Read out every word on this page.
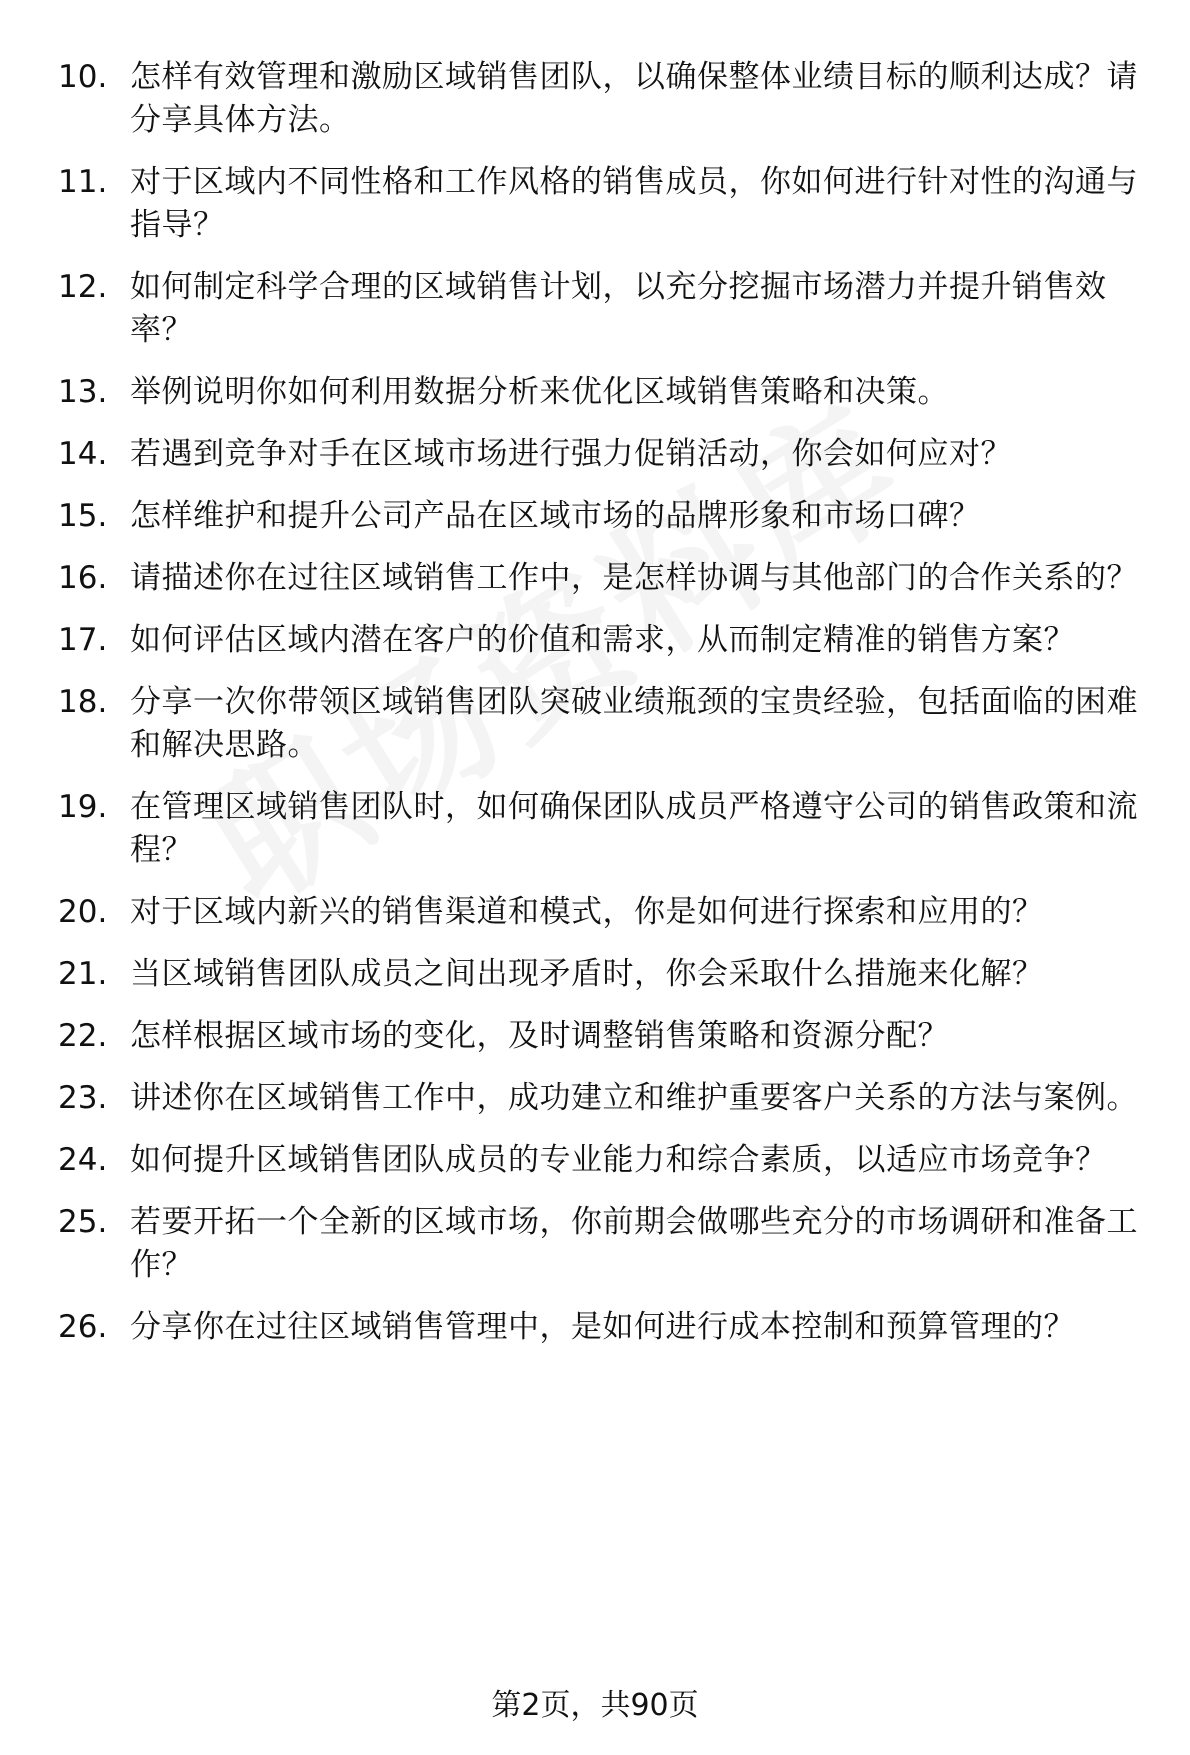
10. 怎样有效管理和激励区域销售团队，以确保整体业绩目标的顺利达成？请分享具体方法。
11. 对于区域内不同性格和工作风格的销售成员，你如何进行针对性的沟通与指导？
12. 如何制定科学合理的区域销售计划，以充分挖掘市场潜力并提升销售效率？
13. 举例说明你如何利用数据分析来优化区域销售策略和决策。
14. 若遇到竞争对手在区域市场进行强力促销活动，你会如何应对？
15. 怎样维护和提升公司产品在区域市场的品牌形象和市场口碑？
16. 请描述你在过往区域销售工作中，是怎样协调与其他部门的合作关系的？
17. 如何评估区域内潜在客户的价值和需求，从而制定精准的销售方案？
18. 分享一次你带领区域销售团队突破业绩瓶颈的宝贵经验，包括面临的困难和解决思路。
19. 在管理区域销售团队时，如何确保团队成员严格遵守公司的销售政策和流程？
20. 对于区域内新兴的销售渠道和模式，你是如何进行探索和应用的？
21. 当区域销售团队成员之间出现矛盾时，你会采取什么措施来化解？
22. 怎样根据区域市场的变化，及时调整销售策略和资源分配？
23. 讲述你在区域销售工作中，成功建立和维护重要客户关系的方法与案例。
24. 如何提升区域销售团队成员的专业能力和综合素质，以适应市场竞争？
25. 若要开拓一个全新的区域市场，你前期会做哪些充分的市场调研和准备工作？
26. 分享你在过往区域销售管理中，是如何进行成本控制和预算管理的？
第2页，共90页
